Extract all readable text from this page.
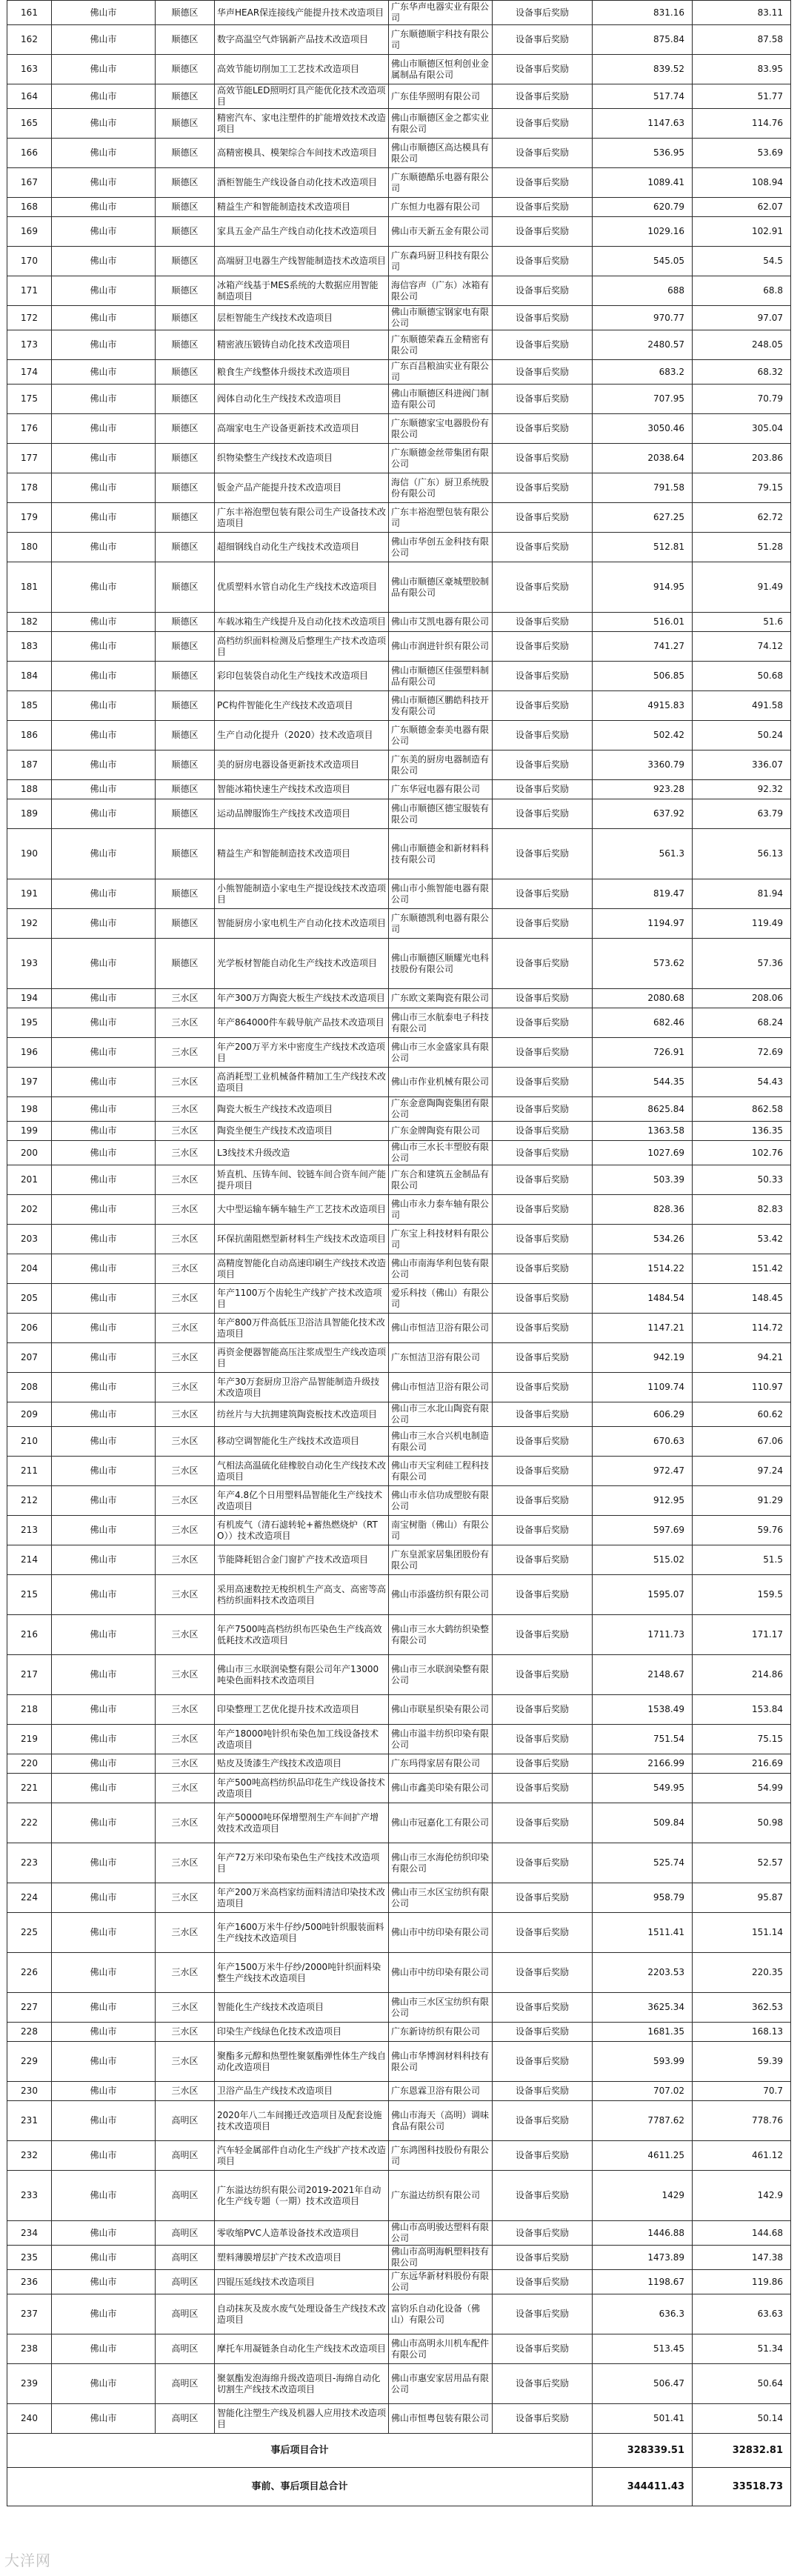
161	佛山市	顺德区	华声HEAR保连接线产能提升技术改造项目	广东华声电器实业有限公司	设备事后奖励	831.16	83.11
162	佛山市	顺德区	数字高温空气炸锅新产品技术改造项目	广东顺德顺宇科技有限公司	设备事后奖励	875.84	87.58
163	佛山市	顺德区	高效节能切削加工工艺技术改造项目	佛山市顺德区恒利创业金属制品有限公司	设备事后奖励	839.52	83.95
164	佛山市	顺德区	高效节能LED照明灯具产能优化技术改造项目	广东佳华照明有限公司	设备事后奖励	517.74	51.77
165	佛山市	顺德区	精密汽车、家电注塑件的扩能增效技术改造项目	佛山市顺德区金之都实业有限公司	设备事后奖励	1147.63	114.76
166	佛山市	顺德区	高精密模具、模架综合车间技术改造项目	佛山市顺德区高达模具有限公司	设备事后奖励	536.95	53.69
167	佛山市	顺德区	酒柜智能生产线设备自动化技术改造项目	广东顺德酷乐电器有限公司	设备事后奖励	1089.41	108.94
168	佛山市	顺德区	精益生产和智能制造技术改造项目	广东恒力电器有限公司	设备事后奖励	620.79	62.07
169	佛山市	顺德区	家具五金产品生产线自动化技术改造项目	佛山市天新五金有限公司	设备事后奖励	1029.16	102.91
170	佛山市	顺德区	高端厨卫电器生产线智能制造技术改造项目	广东森玛厨卫科技有限公司	设备事后奖励	545.05	54.5
171	佛山市	顺德区	冰箱产线基于MES系统的大数据应用智能制造项目	海信容声（广东）冰箱有限公司	设备事后奖励	688	68.8
172	佛山市	顺德区	层柜智能生产线技术改造项目	佛山市顺德宝钢家电有限公司	设备事后奖励	970.77	97.07
173	佛山市	顺德区	精密液压锻铸自动化技术改造项目	广东顺德荣森五金精密有限公司	设备事后奖励	2480.57	248.05
174	佛山市	顺德区	粮食生产线整体升级技术改造项目	广东百昌粮油实业有限公司	设备事后奖励	683.2	68.32
175	佛山市	顺德区	阀体自动化生产线技术改造项目	佛山市顺德区科进阀门制造有限公司	设备事后奖励	707.95	70.79
176	佛山市	顺德区	高端家电生产设备更新技术改造项目	广东顺德家宝电器股份有限公司	设备事后奖励	3050.46	305.04
177	佛山市	顺德区	织物染整生产线技术改造项目	广东顺德金丝带集团有限公司	设备事后奖励	2038.64	203.86
178	佛山市	顺德区	钣金产品产能提升技术改造项目	海信（广东）厨卫系统股份有限公司	设备事后奖励	791.58	79.15
179	佛山市	顺德区	广东丰裕泡塑包装有限公司生产设备技术改造项目	广东丰裕泡塑包装有限公司	设备事后奖励	627.25	62.72
180	佛山市	顺德区	超细钢线自动化生产线技术改造项目	佛山市华创五金科技有限公司	设备事后奖励	512.81	51.28
181	佛山市	顺德区	优质塑料水管自动化生产线技术改造项目	佛山市顺德区豪城塑胶制品有限公司	设备事后奖励	914.95	91.49
182	佛山市	顺德区	车载冰箱生产线提升及自动化技术改造项目	佛山市艾凯电器有限公司	设备事后奖励	516.01	51.6
183	佛山市	顺德区	高档纺织面料检测及后整理生产技术改造项目	佛山市润进针织有限公司	设备事后奖励	741.27	74.12
184	佛山市	顺德区	彩印包装袋自动化生产线技术改造项目	佛山市顺德区佳强塑料制品有限公司	设备事后奖励	506.85	50.68
185	佛山市	顺德区	PC构件智能化生产线技术改造项目	佛山市顺德区鹏皓科技开发有限公司	设备事后奖励	4915.83	491.58
186	佛山市	顺德区	生产自动化提升（2020）技术改造项目	广东顺德金泰美电器有限公司	设备事后奖励	502.42	50.24
187	佛山市	顺德区	美的厨房电器设备更新技术改造项目	广东美的厨房电器制造有限公司	设备事后奖励	3360.79	336.07
188	佛山市	顺德区	智能冰箱快速生产线技术改造项目	广东华冠电器有限公司	设备事后奖励	923.28	92.32
189	佛山市	顺德区	运动品牌服饰生产线技术改造项目	佛山市顺德区德宝服装有限公司	设备事后奖励	637.92	63.79
190	佛山市	顺德区	精益生产和智能制造技术改造项目	佛山市顺德金和新材料科技有限公司	设备事后奖励	561.3	56.13
191	佛山市	顺德区	小熊智能制造小家电生产提设线技术改造项目	佛山市小熊智能电器有限公司	设备事后奖励	819.47	81.94
192	佛山市	顺德区	智能厨房小家电机生产自动化技术改造项目	广东顺德凯利电器有限公司	设备事后奖励	1194.97	119.49
193	佛山市	顺德区	光学板材智能自动化生产线技术改造项目	佛山市顺德区顺耀光电科技股份有限公司	设备事后奖励	573.62	57.36
194	佛山市	三水区	年产300万方陶瓷大板生产线技术改造项目	广东欧文莱陶瓷有限公司	设备事后奖励	2080.68	208.06
195	佛山市	三水区	年产864000件车载导航产品技术改造项目	佛山市三水航泰电子科技有限公司	设备事后奖励	682.46	68.24
196	佛山市	三水区	年产200万平方米中密度生产线技术改造项目	佛山市三水金盛家具有限公司	设备事后奖励	726.91	72.69
197	佛山市	三水区	高消耗型工业机械备件精加工生产线技术改造项目	佛山市作业机械有限公司	设备事后奖励	544.35	54.43
198	佛山市	三水区	陶瓷大板生产线技术改造项目	广东金意陶陶瓷集团有限公司	设备事后奖励	8625.84	862.58
199	佛山市	三水区	陶瓷坐便生产线技术改造项目	广东金牌陶瓷有限公司	设备事后奖励	1363.58	136.35
200	佛山市	三水区	L3线技术升级改造	佛山市三水长丰塑胶有限公司	设备事后奖励	1027.69	102.76
201	佛山市	三水区	矫直机、压铸车间、铰链车间合资车间产能提升项目	广东合和建筑五金制品有限公司	设备事后奖励	503.39	50.33
202	佛山市	三水区	大中型运输车辆车轴生产工艺技术改造项目	佛山市永力泰车轴有限公司	设备事后奖励	828.36	82.83
203	佛山市	三水区	环保抗菌阻燃型新材料生产线技术改造项目	广东宝上科技材料有限公司	设备事后奖励	534.26	53.42
204	佛山市	三水区	高精度智能化自动高速印刷生产线技术改造项目	佛山市南海华利包装有限公司	设备事后奖励	1514.22	151.42
205	佛山市	三水区	年产1100万个齿轮生产线扩产技术改造项目	爱乐科技（佛山）有限公司	设备事后奖励	1484.54	148.45
206	佛山市	三水区	年产800万件高低压卫浴洁具智能化技术改造项目	佛山市恒洁卫浴有限公司	设备事后奖励	1147.21	114.72
207	佛山市	三水区	再资金便器智能高压注浆成型生产线改造项目	广东恒洁卫浴有限公司	设备事后奖励	942.19	94.21
208	佛山市	三水区	年产30万套厨房卫浴产品智能制造升级技术改造项目	佛山市恒洁卫浴有限公司	设备事后奖励	1109.74	110.97
209	佛山市	三水区	纺丝片与大抗拥建筑陶瓷板技术改造项目	佛山市三水北山陶瓷有限公司	设备事后奖励	606.29	60.62
210	佛山市	三水区	移动空调智能化生产线技术改造项目	佛山市三水合兴机电制造有限公司	设备事后奖励	670.63	67.06
211	佛山市	三水区	气相法高温硫化硅橡胶自动化生产线技术改造项目	佛山市天宝利硅工程科技有限公司	设备事后奖励	972.47	97.24
212	佛山市	三水区	年产4.8亿个日用塑料品智能化生产线技术改造项目	佛山市永信功成塑胶有限公司	设备事后奖励	912.95	91.29
213	佛山市	三水区	有机废气（清石滤转轮+蓄热燃烧炉（RTO））技术改造项目	南宝树脂（佛山）有限公司	设备事后奖励	597.69	59.76
214	佛山市	三水区	节能降耗铝合金门窗扩产技术改造项目	广东皇派家居集团股份有限公司	设备事后奖励	515.02	51.5
215	佛山市	三水区	采用高速数控无梭织机生产高支、高密等高档纺织面料技术改造项目	佛山市添盛纺织有限公司	设备事后奖励	1595.07	159.5
216	佛山市	三水区	年产7500吨高档纺织布匹染色生产线高效低耗技术改造项目	佛山市三水大鹤纺织染整有限公司	设备事后奖励	1711.73	171.17
217	佛山市	三水区	佛山市三水联润染整有限公司年产13000吨染色面料技术改造项目	佛山市三水联润染整有限公司	设备事后奖励	2148.67	214.86
218	佛山市	三水区	印染整理工艺优化提升技术改造项目	佛山市联星织染有限公司	设备事后奖励	1538.49	153.84
219	佛山市	三水区	年产18000吨针织布染色加工线设备技术改造项目	佛山市溢丰纺织印染有限公司	设备事后奖励	751.54	75.15
220	佛山市	三水区	贴皮及烫漆生产线技术改造项目	广东玛得家居有限公司	设备事后奖励	2166.99	216.69
221	佛山市	三水区	年产500吨高档纺织品印花生产线设备技术改造项目	佛山市鑫美印染有限公司	设备事后奖励	549.95	54.99
222	佛山市	三水区	年产50000吨环保增塑剂生产车间扩产增效技术改造项目	佛山市冠嘉化工有限公司	设备事后奖励	509.84	50.98
223	佛山市	三水区	年产72万米印染布染色生产线技术改造项目	佛山市三水海伦纺织印染有限公司	设备事后奖励	525.74	52.57
224	佛山市	三水区	年产200万米高档家纺面料清洁印染技术改造项目	佛山市三水区宝纺织有限公司	设备事后奖励	958.79	95.87
225	佛山市	三水区	年产1600万米牛仔纱/500吨针织服装面料生产线技术改造项目	佛山市中纺印染有限公司	设备事后奖励	1511.41	151.14
226	佛山市	三水区	年产1500万米牛仔纱/2000吨针织面料染整生产线技术改造项目	佛山市中纺印染有限公司	设备事后奖励	2203.53	220.35
227	佛山市	三水区	智能化生产线技术改造项目	佛山市三水区宝纺织有限公司	设备事后奖励	3625.34	362.53
228	佛山市	三水区	印染生产线绿色化技术改造项目	广东新诗纺织有限公司	设备事后奖励	1681.35	168.13
229	佛山市	三水区	聚酯多元醇和热塑性聚氨酯弹性体生产线自动化改造项目	佛山市华博润材料科技有限公司	设备事后奖励	593.99	59.39
230	佛山市	三水区	卫浴产品生产线技术改造项目	广东恩霖卫浴有限公司	设备事后奖励	707.02	70.7
231	佛山市	高明区	2020年八二车间搬迁改造项目及配套设施技术改造项目	佛山市海天（高明）调味食品有限公司	设备事后奖励	7787.62	778.76
232	佛山市	高明区	汽车轻金属部件自动化生产线扩产技术改造项目	广东鸿图科技股份有限公司	设备事后奖励	4611.25	461.12
233	佛山市	高明区	广东溢达纺织有限公司2019-2021年自动化生产线专题（一期）技术改造项目	广东溢达纺织有限公司	设备事后奖励	1429	142.9
234	佛山市	高明区	零收缩PVC人造革设备技术改造项目	佛山市高明骏达塑料有限公司	设备事后奖励	1446.88	144.68
235	佛山市	高明区	塑料薄膜增层扩产技术改造项目	佛山市高明海帆塑料技有限公司	设备事后奖励	1473.89	147.38
236	佛山市	高明区	四锟压延线技术改造项目	广东远华新材料股份有限公司	设备事后奖励	1198.67	119.86
237	佛山市	高明区	自动抹灰及废水废气处理设备生产线技术改造项目	富钧乐自动化设备（佛山）有限公司	设备事后奖励	636.3	63.63
238	佛山市	高明区	摩托车用凝链条自动化生产线技术改造项目	佛山市高明永川机车配件有限公司	设备事后奖励	513.45	51.34
239	佛山市	高明区	聚氨酯发泡海绵升级改造项目-海绵自动化切割生产线技术改造项目	佛山市惠安家居用品有限公司	设备事后奖励	506.47	50.64
240	佛山市	高明区	智能化注塑生产线及机器人应用技术改造项目	佛山市恒粤包装有限公司	设备事后奖励	501.41	50.14
事后项目合计						328339.51	32832.81
事前、事后项目总合计						344411.43	33518.73
大洋网
